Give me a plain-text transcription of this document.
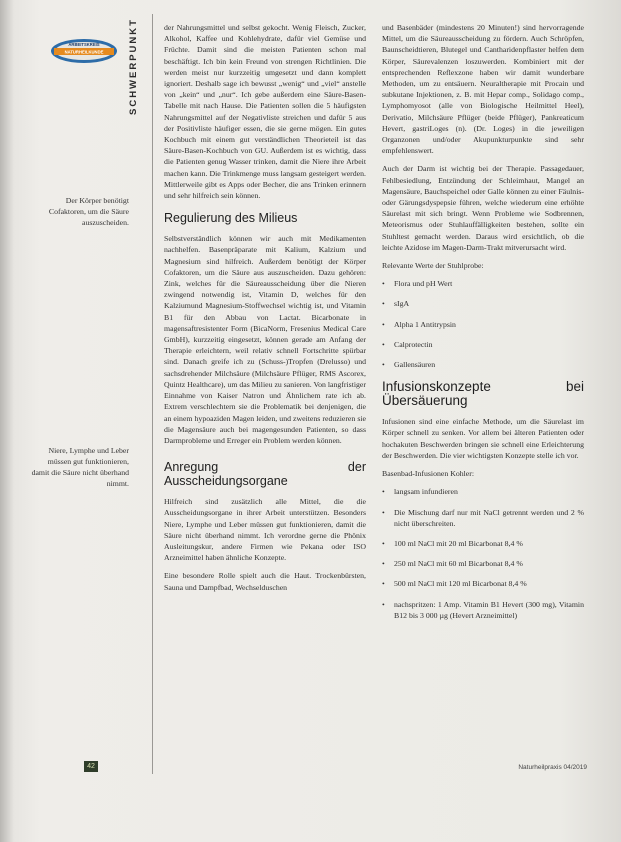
ARBEITSKREIS
NATURHEILKUNDE	SCHWERPUNKT
Der Körper benötigt Cofaktoren, um die Säure auszuscheiden.
Niere, Lymphe und Leber müssen gut funktionieren, damit die Säure nicht überhand nimmt.

der Nahrungsmittel und selbst gekocht. Wenig Fleisch, Zucker, Alkohol, Kaffee und Kohlehydrate, dafür viel Gemüse und Früchte. Damit sind die meisten Patienten schon mal beschäftigt. Ich bin kein Freund von strengen Richtlinien. Die werden meist nur kurzzeitig umgesetzt und dann komplett ignoriert. Deshalb sage ich bewusst „wenig“ und „viel“ anstelle von „kein“ und „nur“. Ich gebe außerdem eine Säure-Basen-Tabelle mit nach Hause. Die Patienten sollen die 5 häufigsten Nahrungsmittel auf der Negativliste streichen und dafür 5 aus der Positivliste häufiger essen, die sie gerne mögen. Ein gutes Kochbuch mit einem gut verständlichen Theorieteil ist das Säure-Basen-Kochbuch von GU. Außerdem ist es wichtig, dass die Patienten genug Wasser trinken, damit die Niere ihre Arbeit machen kann. Die Trinkmenge muss langsam gesteigert werden. Mittlerweile gibt es Apps oder Becher, die ans Trinken erinnern und sehr hilfreich sein können.

Regulierung des Milieus

Selbstverständlich können wir auch mit Medikamenten nachhelfen. Basenpräparate mit Kalium, Kalzium und Magnesium sind hilfreich. Außerdem benötigt der Körper Cofaktoren, um die Säure aus auszuscheiden. Dazu gehören: Zink, welches für die Säureausscheidung über die Nieren zwingend notwendig ist, Vitamin D, welches für den Kalziumund Magnesium-Stoffwechsel wichtig ist, und Vitamin B1 für den Abbau von Lactat. Bicarbonate in magensaftresistenter Form (BicaNorm, Fresenius Medical Care GmbH), kurzzeitig eingesetzt, können gerade am Anfang der Therapie erleichtern, weil relativ schnell Fortschritte spürbar sind. Danach greife ich zu (Schuss-)Tropfen (Drelusso) und sachsdrehender Milchsäure (Milchsäure Pflüger, RMS Ascorex, Quintz Healthcare), um das Milieu zu sanieren. Von langfristiger Einnahme von Kaiser Natron und Ähnlichem rate ich ab. Extrem verschlechtern sie die Problematik bei denjenigen, die an einem hypoaziden Magen leiden, und zweitens reduzieren sie die Magensäure auch bei magengesunden Patienten, so dass Darmprobleme und Erreger ein Problem werden können.

Anregung der Ausscheidungsorgane

Hilfreich sind zusätzlich alle Mittel, die die Ausscheidungsorgane in ihrer Arbeit unterstützen. Besonders Niere, Lymphe und Leber müssen gut funktionieren, damit die Säure nicht überhand nimmt. Ich verordne gerne die Phönix Ausleitungskur, andere Firmen wie Pekana oder ISO Arzneimittel haben ähnliche Konzepte.

Eine besondere Rolle spielt auch die Haut. Trockenbürsten, Sauna und Dampfbad, Wechselduschen

und Basenbäder (mindestens 20 Minuten!) sind hervorragende Mittel, um die Säureausscheidung zu fördern. Auch Schröpfen, Baunscheidtieren, Blutegel und Cantharidenpflaster helfen dem Körper, Säurevalenzen loszuwerden. Kombiniert mit der entsprechenden Reflexzone haben wir damit wunderbare Methoden, um zu entsäuern. Neuraltherapie mit Procain und subkutane Injektionen, z. B. mit Hepar comp., Solidago comp., Lymphomyosot (alle von Biologische Heilmittel Heel), Derivatio, Milchsäure Pflüger (beide Pflüger), Pankreaticum Hevert, gastriLoges (n). (Dr. Loges) in die jeweiligen Organzonen und/oder Akupunkturpunkte sind sehr empfehlenswert.

Auch der Darm ist wichtig bei der Therapie. Passagedauer, Fehlbesiedlung, Entzündung der Schleimhaut, Mangel an Magensäure, Bauchspeichel oder Galle können zu einer Fäulnis- oder Gärungsdyspepsie führen, welche wiederum eine erhöhte Säurelast mit sich bringt. Wenn Probleme wie Sodbrennen, Meteorismus oder Stuhlauffälligkeiten bestehen, sollte ein Stuhltest gemacht werden. Daraus wird ersichtlich, ob die leichte Azidose im Magen-Darm-Trakt mitverursacht wird.

Relevante Werte der Stuhlprobe:

• Flora und pH Wert
• sIgA
• Alpha 1 Antitrypsin
• Calprotectin
• Gallensäuren
Infusionskonzepte bei Übersäuerung

Infusionen sind eine einfache Methode, um die Säurelast im Körper schnell zu senken. Vor allem bei älteren Patienten oder hochakuten Beschwerden bringen sie schnell eine Erleichterung der Beschwerden. Die vier wichtigsten Konzepte stelle ich vor.

Basenbad-Infusionen Kohler:

• langsam infundieren
• Die Mischung darf nur mit NaCl getrennt werden und 2 % nicht überschreiten.
• 100 ml NaCl mit 20 ml Bicarbonat 8,4 %
• 250 ml NaCl mit 60 ml Bicarbonat 8,4 %
• 500 ml NaCl mit 120 ml Bicarbonat 8,4 %
• nachspritzen: 1 Amp. Vitamin B1 Hevert (300 mg), Vitamin B12 bis 3 000 µg (Hevert Arzneimittel)
42	Naturheilpraxis 04/2019
